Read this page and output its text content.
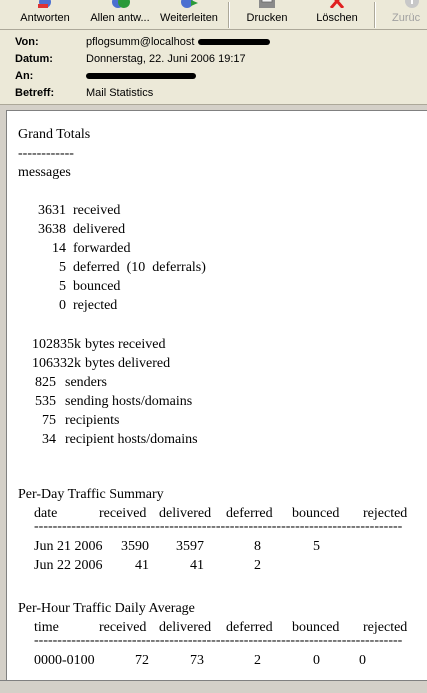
Antworten	Allen antw... Weiterleiten	Drucken	Löschen	Zurüc
Von:	pflogsumm@localhost
Datum:	Donnerstag, 22. Juni 2006 19:17
An:
Betreff:	Mail Statistics
Grand Totals
------------
messages
3631 received
3638 delivered
14 forwarded
5 deferred  (10  deferrals)
5 bounced
0 rejected
102835k bytes received
106332k bytes delivered
825 senders
535 sending hosts/domains
75 recipients
34 recipient hosts/domains
Per-Day Traffic Summary
date	received delivered deferred bounced rejected
-------------------------------------------------------------------------------
Jun 21 2006 3590 3597	8	5
Jun 22 2006 41	41	2
Per-Hour Traffic Daily Average
time	received delivered deferred bounced rejected
-------------------------------------------------------------------------------
0000-0100	72	73	2	0	0
